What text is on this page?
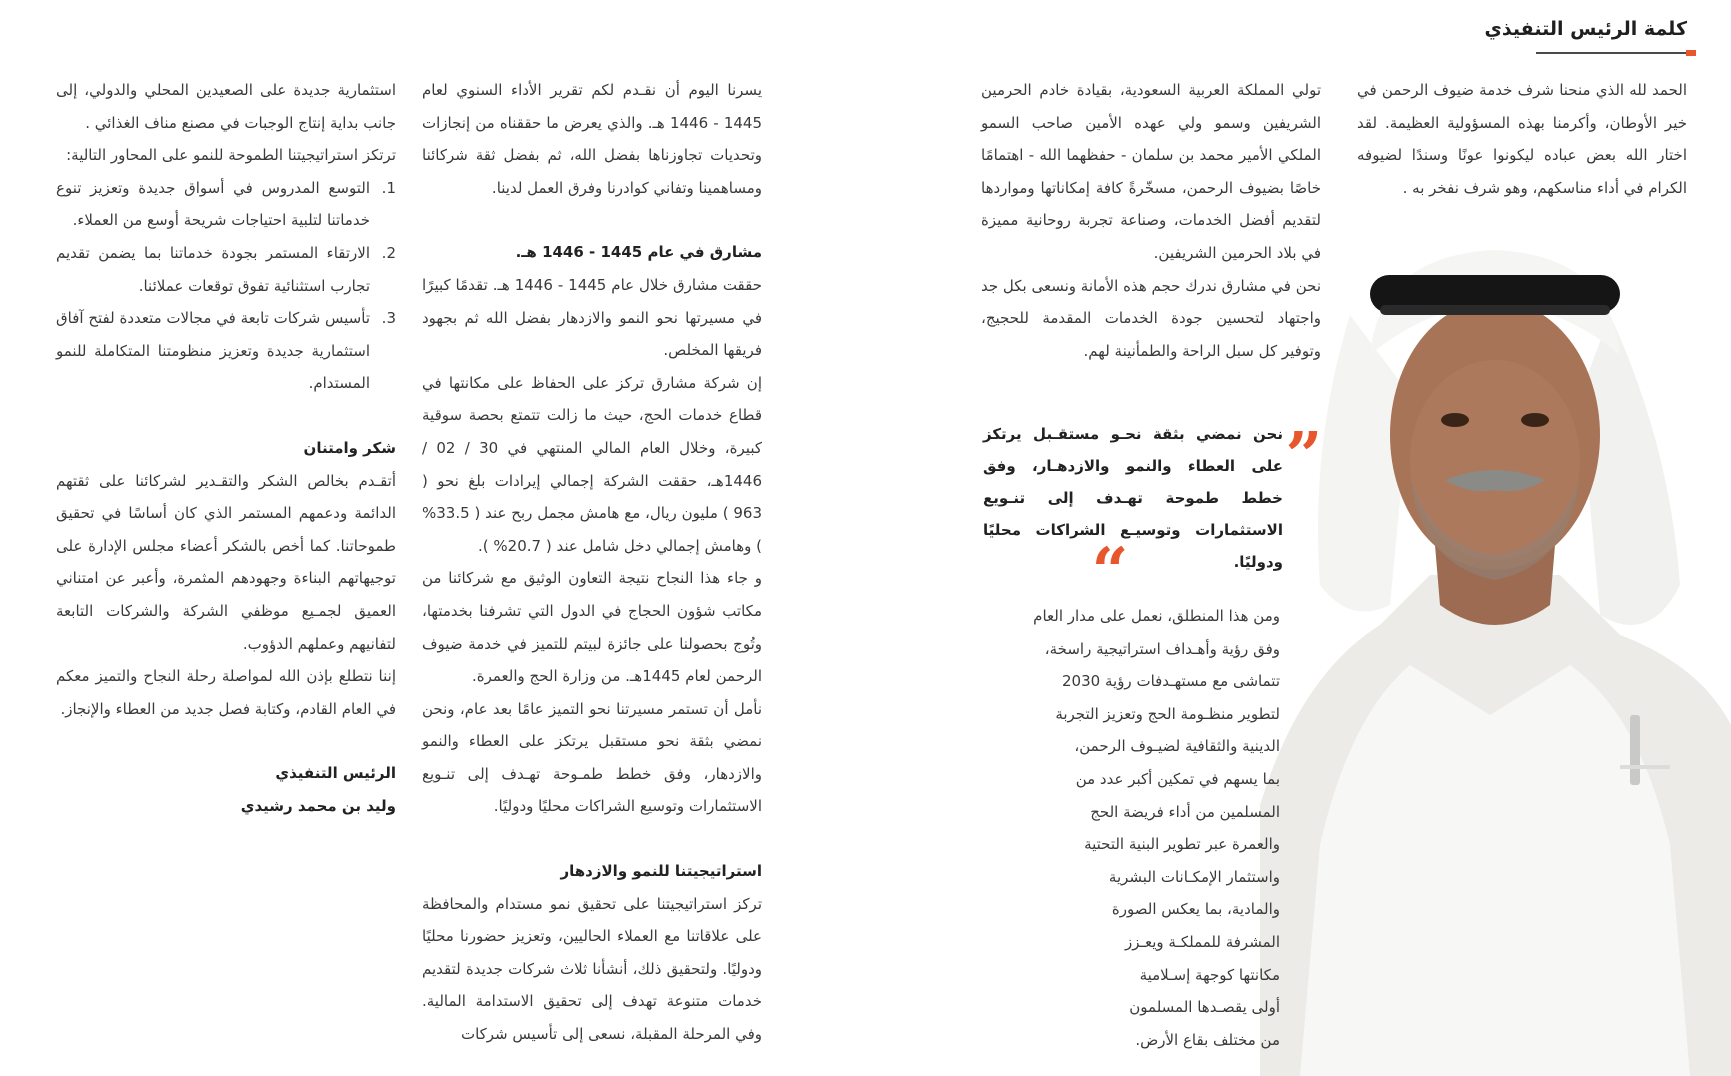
كلمة الرئيس التنفيذي

الحمد لله الذي منحنا شرف خدمة ضيوف الرحمن في خير الأوطان، وأكرمنا بهذه المسؤولية العظيمة. لقد اختار الله بعض عباده ليكونوا عونًا وسندًا لضيوفه الكرام في أداء مناسكهم، وهو شرف نفخر به .

تولي المملكة العربية السعودية، بقيادة خادم الحرمين الشريفين وسمو ولي عهده الأمين صاحب السمو الملكي الأمير محمد بن سلمان - حفظهما الله - اهتمامًا خاصًا بضيوف الرحمن، مسخّرةً كافة إمكاناتها ومواردها لتقديم أفضل الخدمات، وصناعة تجربة روحانية مميزة في بلاد الحرمين الشريفين.

نحن في مشارق ندرك حجم هذه الأمانة ونسعى بكل جد واجتهاد لتحسين جودة الخدمات المقدمة للحجيج، وتوفير كل سبل الراحة والطمأنينة لهم.

„

نحن نمضي بثقة نحـو مستقـبل يرتكز على العطاء والنمو والازدهـار، وفق خطط طموحة تهـدف إلى تنـويع الاستثمارات وتوسيـع الشراكات محليًا ودوليًا.

“

ومن هذا المنطلق، نعمل على مدار العام

وفق رؤية وأهـداف استراتيجية راسخة،

تتماشى مع مستهـدفات رؤية 2030

لتطوير منظـومة الحج وتعزيز التجربة

الدينية والثقافية لضيـوف الرحمن،

بما يسهم في تمكين أكبر عدد من

المسلمين من أداء فريضة الحج

والعمرة عبر تطوير البنية التحتية

واستثمار الإمكـانات البشرية

والمادية، بما يعكس الصورة

المشرفة للمملكـة ويعـزز

مكانتها كوجهة إسـلامية

أولى يقصـدها المسلمون

من مختلف بقاع الأرض.

يسرنا اليوم أن نقـدم لكم تقرير الأداء السنوي لعام 1445 - 1446 هـ. والذي يعرض ما حققناه من إنجازات وتحديات تجاوزناها بفضل الله، ثم بفضل ثقة شركائنا ومساهمينا وتفاني كوادرنا وفرق العمل لدينا.

مشارق في عام 1445 - 1446 هـ.

حققت مشارق خلال عام 1445 - 1446 هـ. تقدمًا كبيرًا في مسيرتها نحو النمو والازدهار بفضل الله ثم بجهود فريقها المخلص.

إن شركة مشارق تركز على الحفاظ على مكانتها في قطاع خدمات الحج، حيث ما زالت تتمتع بحصة سوقية كبيرة، وخلال العام المالي المنتهي في 30 / 02 / 1446هـ، حققت الشركة إجمالي إيرادات بلغ نحو ( 963 ) مليون ريال، مع هامش مجمل ربح عند ( 33.5% ) وهامش إجمالي دخل شامل عند ( 20.7% ).

و جاء هذا النجاح نتيجة التعاون الوثيق مع شركائنا من مكاتب شؤون الحجاج في الدول التي تشرفنا بخدمتها، وتُوج بحصولنا على جائزة لبيتم للتميز في خدمة ضيوف الرحمن لعام 1445هـ. من وزارة الحج والعمرة.

نأمل أن تستمر مسيرتنا نحو التميز عامًا بعد عام، ونحن نمضي بثقة نحو مستقبل يرتكز على العطاء والنمو والازدهار، وفق خطط طمـوحة تهـدف إلى تنـويع الاستثمارات وتوسيع الشراكات محليًا ودوليًا.

استراتيجيتنا للنمو والازدهار

تركز استراتيجيتنا على تحقيق نمو مستدام والمحافظة على علاقاتنا مع العملاء الحاليين، وتعزيز حضورنا محليًا ودوليًا. ولتحقيق ذلك، أنشأنا ثلاث شركات جديدة لتقديم خدمات متنوعة تهدف إلى تحقيق الاستدامة المالية. وفي المرحلة المقبلة، نسعى إلى تأسيس شركات

استثمارية جديدة على الصعيدين المحلي والدولي، إلى جانب بداية إنتاج الوجبات في مصنع مناف الغذائي .

ترتكز استراتيجيتنا الطموحة للنمو على المحاور التالية:

1.
التوسع المدروس في أسواق جديدة وتعزيز تنوع خدماتنا لتلبية احتياجات شريحة أوسع من العملاء.
2.
الارتقاء المستمر بجودة خدماتنا بما يضمن تقديم تجارب استثنائية تفوق توقعات عملائنا.
3.
تأسيس شركات تابعة في مجالات متعددة لفتح آفاق استثمارية جديدة وتعزيز منظومتنا المتكاملة للنمو المستدام.

شكر وامتنان

أتقـدم بخالص الشكر والتقـدير لشركائنا على ثقتهم الدائمة ودعمهم المستمر الذي كان أساسًا في تحقيق طموحاتنا. كما أخص بالشكر أعضاء مجلس الإدارة على توجيهاتهم البناءة وجهودهم المثمرة، وأعبر عن امتناني العميق لجمـيع موظفي الشركة والشركات التابعة لتفانيهم وعملهم الدؤوب.

إننا نتطلع بإذن الله لمواصلة رحلة النجاح والتميز معكم في العام القادم، وكتابة فصل جديد من العطاء والإنجاز.

الرئيس التنفيذي

وليد بن محمد رشيدي
